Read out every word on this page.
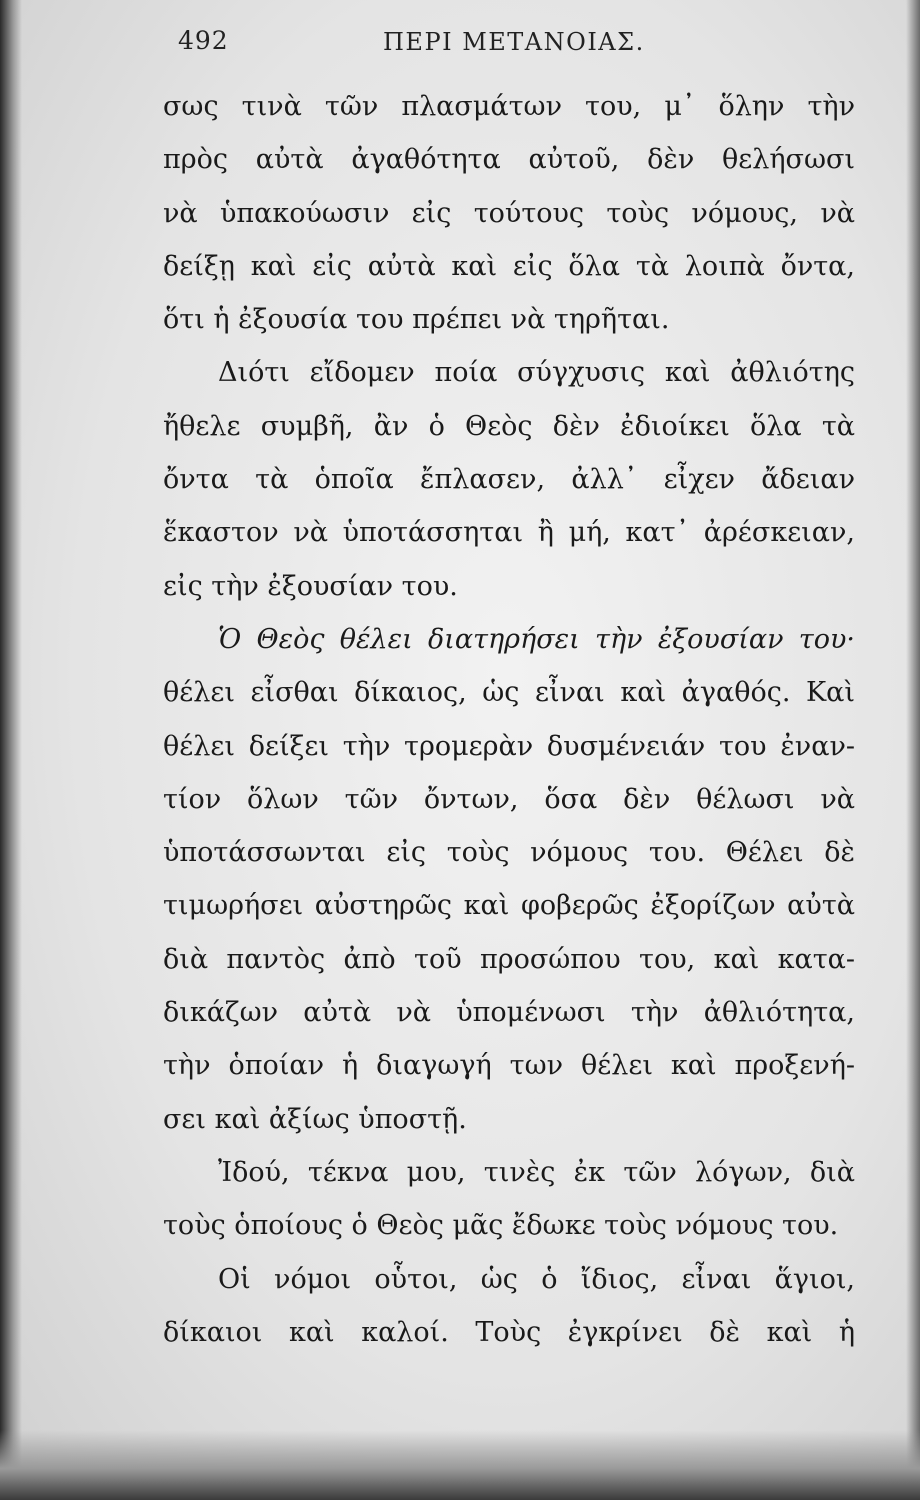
492	ΠΕΡΙ ΜΕΤΑΝΟΙΑΣ.
σως τινὰ τῶν πλασμάτων του, μ᾿ ὅλην τὴν
πρὸς αὐτὰ ἀγαθότητα αὐτοῦ, δὲν θελήσωσι
νὰ ὑπακούωσιν εἰς τούτους τοὺς νόμους, νὰ
δείξῃ καὶ εἰς αὐτὰ καὶ εἰς ὅλα τὰ λοιπὰ ὄντα,
ὅτι ἡ ἐξουσία του πρέπει νὰ τηρῆται.
Διότι εἴδομεν ποία σύγχυσις καὶ ἀθλιότης
ἤθελε συμβῆ, ἂν ὁ Θεὸς δὲν ἐδιοίκει ὅλα τὰ
ὄντα τὰ ὁποῖα ἔπλασεν, ἀλλ᾿ εἶχεν ἄδειαν
ἕκαστον νὰ ὑποτάσσηται ἢ μή, κατ᾿ ἀρέσκειαν,
εἰς τὴν ἐξουσίαν του.
Ὁ Θεὸς θέλει διατηρήσει τὴν ἐξουσίαν του·
θέλει εἶσθαι δίκαιος, ὡς εἶναι καὶ ἀγαθός. Καὶ
θέλει δείξει τὴν τρομερὰν δυσμένειάν του ἐναν-
τίον ὅλων τῶν ὄντων, ὅσα δὲν θέλωσι νὰ
ὑποτάσσωνται εἰς τοὺς νόμους του. Θέλει δὲ
τιμωρήσει αὐστηρῶς καὶ φοβερῶς ἐξορίζων αὐτὰ
διὰ παντὸς ἀπὸ τοῦ προσώπου του, καὶ κατα-
δικάζων αὐτὰ νὰ ὑπομένωσι τὴν ἀθλιότητα,
τὴν ὁποίαν ἡ διαγωγή των θέλει καὶ προξενή-
σει καὶ ἀξίως ὑποστῇ.
Ἰδού, τέκνα μου, τινὲς ἐκ τῶν λόγων, διὰ
τοὺς ὁποίους ὁ Θεὸς μᾶς ἔδωκε τοὺς νόμους του.
Οἱ νόμοι οὗτοι, ὡς ὁ ἴδιος, εἶναι ἅγιοι,
δίκαιοι καὶ καλοί. Τοὺς ἐγκρίνει δὲ καὶ ἡ
